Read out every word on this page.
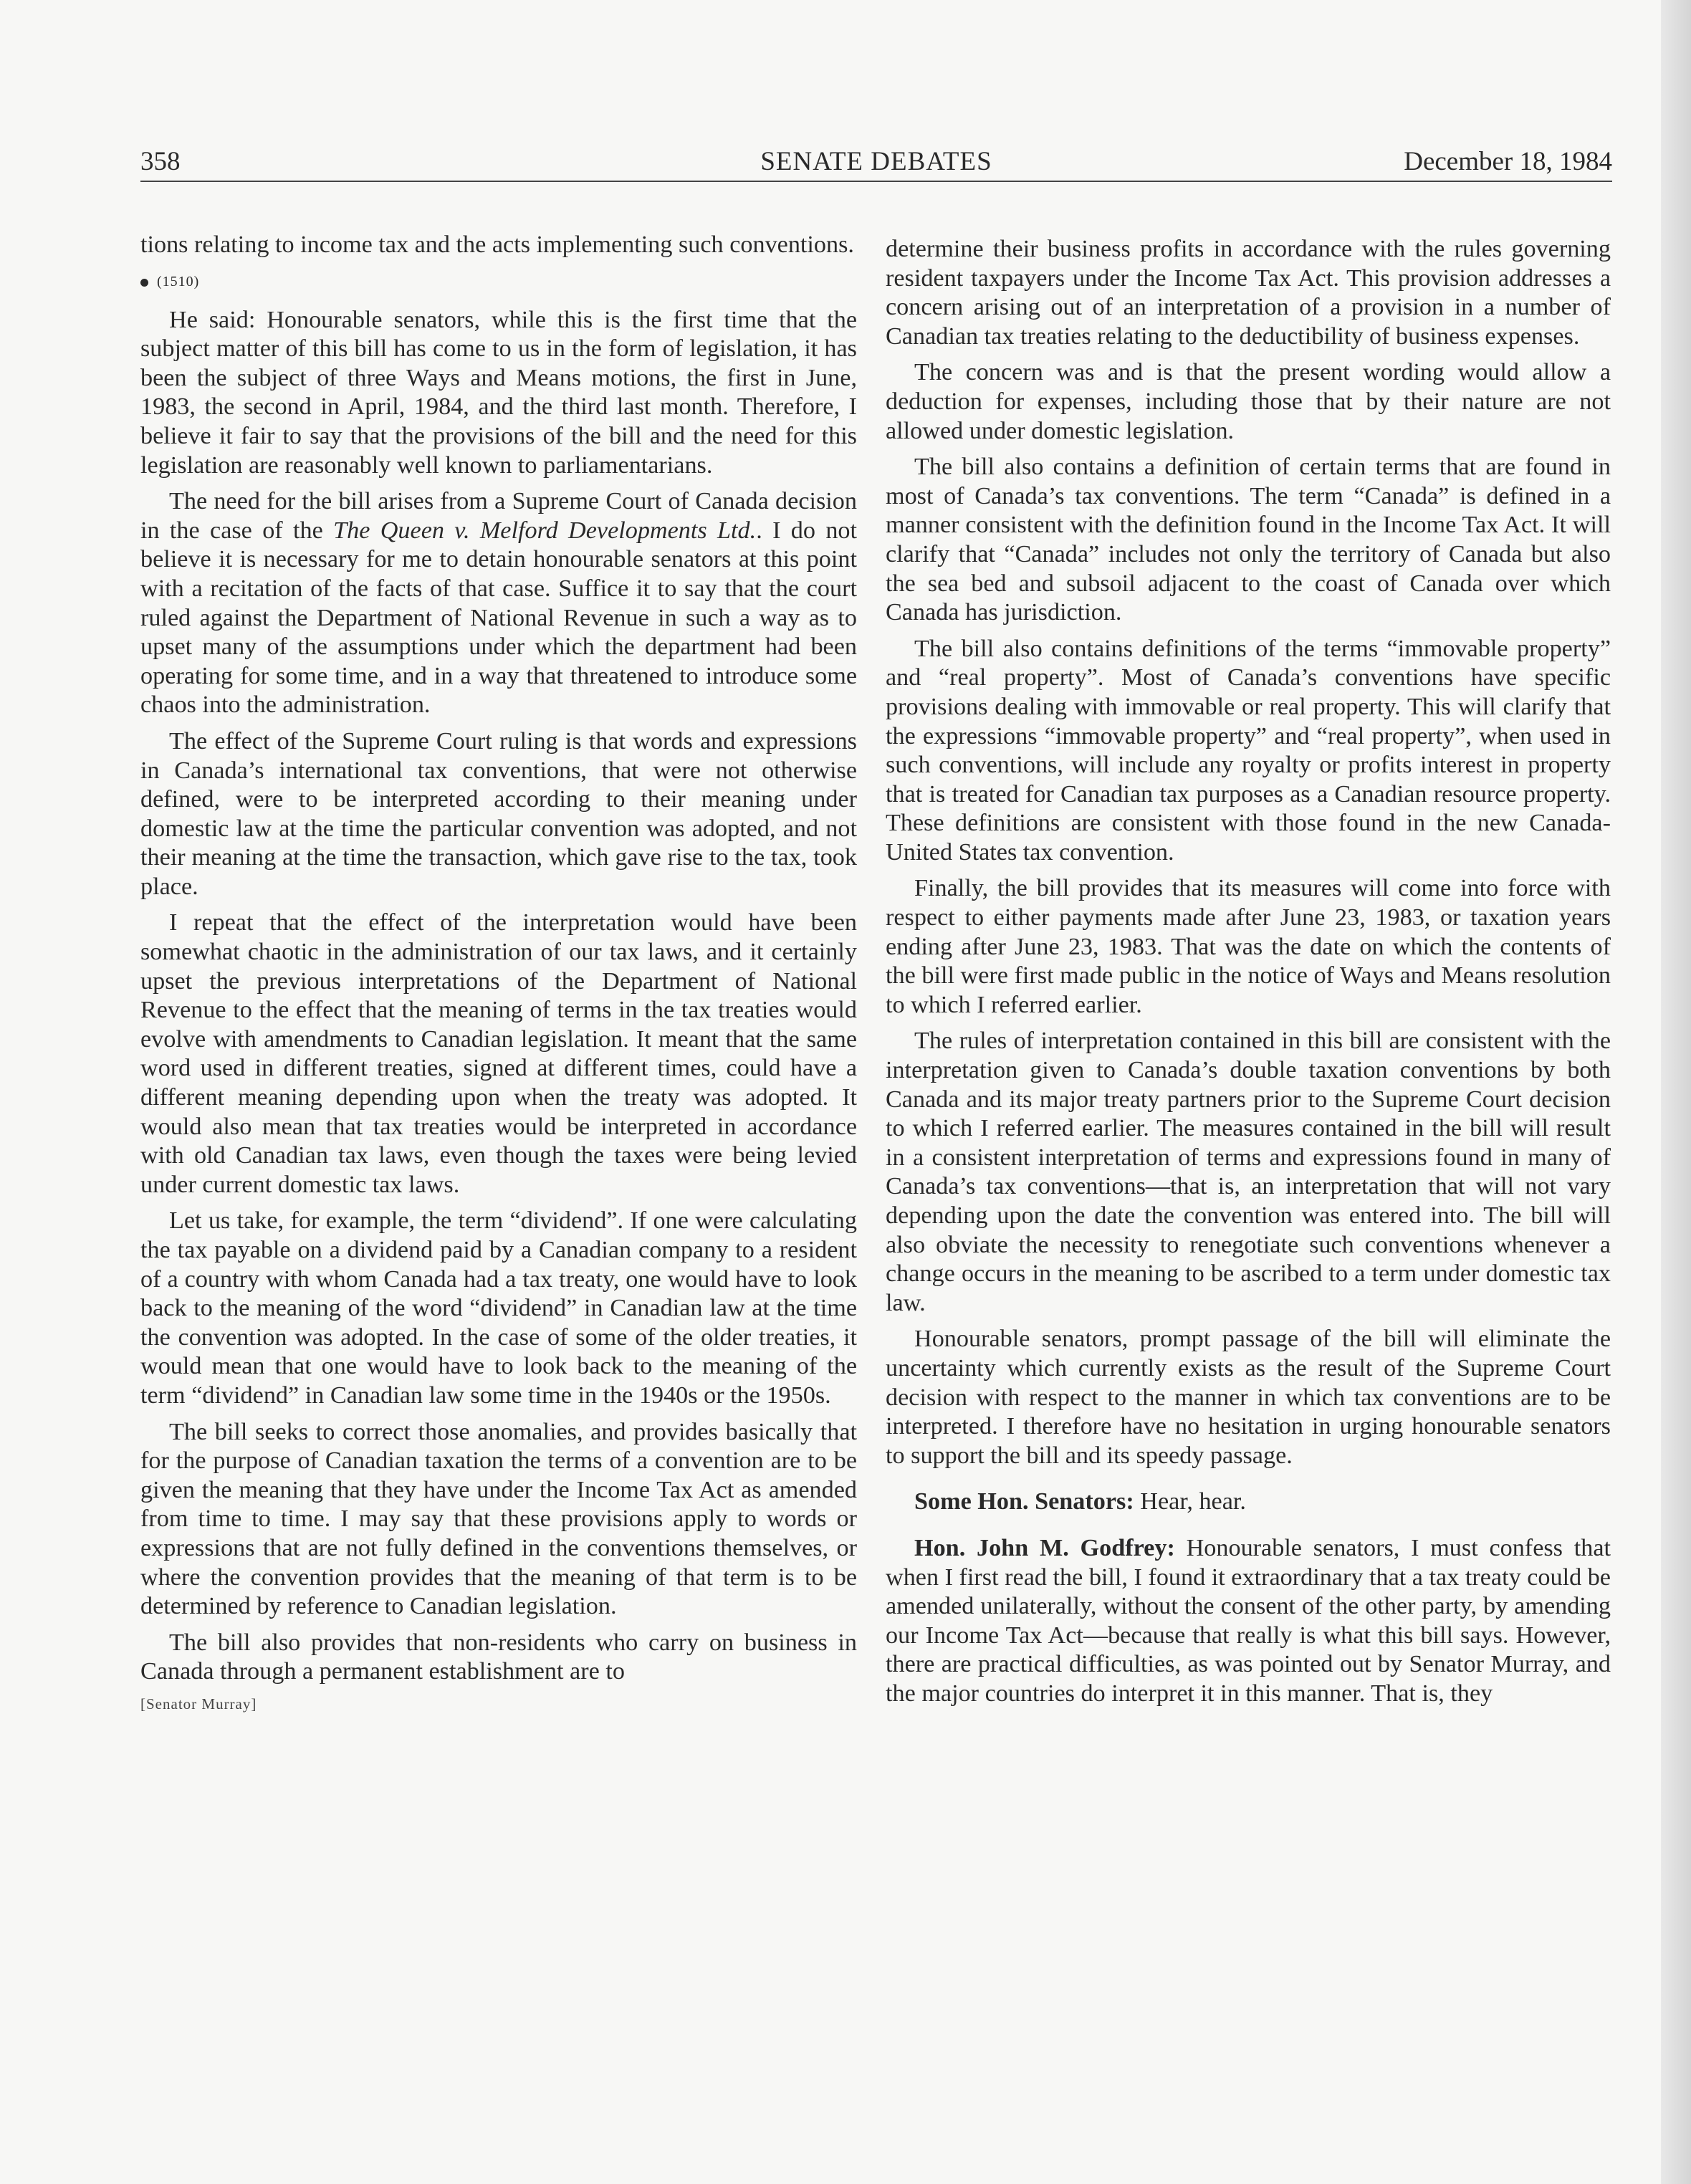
358	SENATE DEBATES	December 18, 1984

tions relating to income tax and the acts implementing such conventions.

(1510)

He said: Honourable senators, while this is the first time that the subject matter of this bill has come to us in the form of legislation, it has been the subject of three Ways and Means motions, the first in June, 1983, the second in April, 1984, and the third last month. Therefore, I believe it fair to say that the provisions of the bill and the need for this legislation are reasonably well known to parliamentarians.

The need for the bill arises from a Supreme Court of Canada decision in the case of the The Queen v. Melford Developments Ltd.. I do not believe it is necessary for me to detain honourable senators at this point with a recitation of the facts of that case. Suffice it to say that the court ruled against the Department of National Revenue in such a way as to upset many of the assumptions under which the department had been operating for some time, and in a way that threatened to introduce some chaos into the administration.

The effect of the Supreme Court ruling is that words and expressions in Canada’s international tax conventions, that were not otherwise defined, were to be interpreted according to their meaning under domestic law at the time the particular convention was adopted, and not their meaning at the time the transaction, which gave rise to the tax, took place.

I repeat that the effect of the interpretation would have been somewhat chaotic in the administration of our tax laws, and it certainly upset the previous interpretations of the Department of National Revenue to the effect that the meaning of terms in the tax treaties would evolve with amendments to Canadian legislation. It meant that the same word used in different treaties, signed at different times, could have a different meaning depending upon when the treaty was adopted. It would also mean that tax treaties would be interpreted in accordance with old Canadian tax laws, even though the taxes were being levied under current domestic tax laws.

Let us take, for example, the term “dividend”. If one were calculating the tax payable on a dividend paid by a Canadian company to a resident of a country with whom Canada had a tax treaty, one would have to look back to the meaning of the word “dividend” in Canadian law at the time the convention was adopted. In the case of some of the older treaties, it would mean that one would have to look back to the meaning of the term “dividend” in Canadian law some time in the 1940s or the 1950s.

The bill seeks to correct those anomalies, and provides basically that for the purpose of Canadian taxation the terms of a convention are to be given the meaning that they have under the Income Tax Act as amended from time to time. I may say that these provisions apply to words or expressions that are not fully defined in the conventions themselves, or where the convention provides that the meaning of that term is to be determined by reference to Canadian legislation.

The bill also provides that non-residents who carry on business in Canada through a permanent establishment are to

[Senator Murray]

determine their business profits in accordance with the rules governing resident taxpayers under the Income Tax Act. This provision addresses a concern arising out of an interpretation of a provision in a number of Canadian tax treaties relating to the deductibility of business expenses.

The concern was and is that the present wording would allow a deduction for expenses, including those that by their nature are not allowed under domestic legislation.

The bill also contains a definition of certain terms that are found in most of Canada’s tax conventions. The term “Canada” is defined in a manner consistent with the definition found in the Income Tax Act. It will clarify that “Canada” includes not only the territory of Canada but also the sea bed and subsoil adjacent to the coast of Canada over which Canada has jurisdiction.

The bill also contains definitions of the terms “immovable property” and “real property”. Most of Canada’s conventions have specific provisions dealing with immovable or real property. This will clarify that the expressions “immovable property” and “real property”, when used in such conventions, will include any royalty or profits interest in property that is treated for Canadian tax purposes as a Canadian resource property. These definitions are consistent with those found in the new Canada-United States tax convention.

Finally, the bill provides that its measures will come into force with respect to either payments made after June 23, 1983, or taxation years ending after June 23, 1983. That was the date on which the contents of the bill were first made public in the notice of Ways and Means resolution to which I referred earlier.

The rules of interpretation contained in this bill are consistent with the interpretation given to Canada’s double taxation conventions by both Canada and its major treaty partners prior to the Supreme Court decision to which I referred earlier. The measures contained in the bill will result in a consistent interpretation of terms and expressions found in many of Canada’s tax conventions—that is, an interpretation that will not vary depending upon the date the convention was entered into. The bill will also obviate the necessity to renegotiate such conventions whenever a change occurs in the meaning to be ascribed to a term under domestic tax law.

Honourable senators, prompt passage of the bill will eliminate the uncertainty which currently exists as the result of the Supreme Court decision with respect to the manner in which tax conventions are to be interpreted. I therefore have no hesitation in urging honourable senators to support the bill and its speedy passage.

Some Hon. Senators: Hear, hear.

Hon. John M. Godfrey: Honourable senators, I must confess that when I first read the bill, I found it extraordinary that a tax treaty could be amended unilaterally, without the consent of the other party, by amending our Income Tax Act—because that really is what this bill says. However, there are practical difficulties, as was pointed out by Senator Murray, and the major countries do interpret it in this manner. That is, they
